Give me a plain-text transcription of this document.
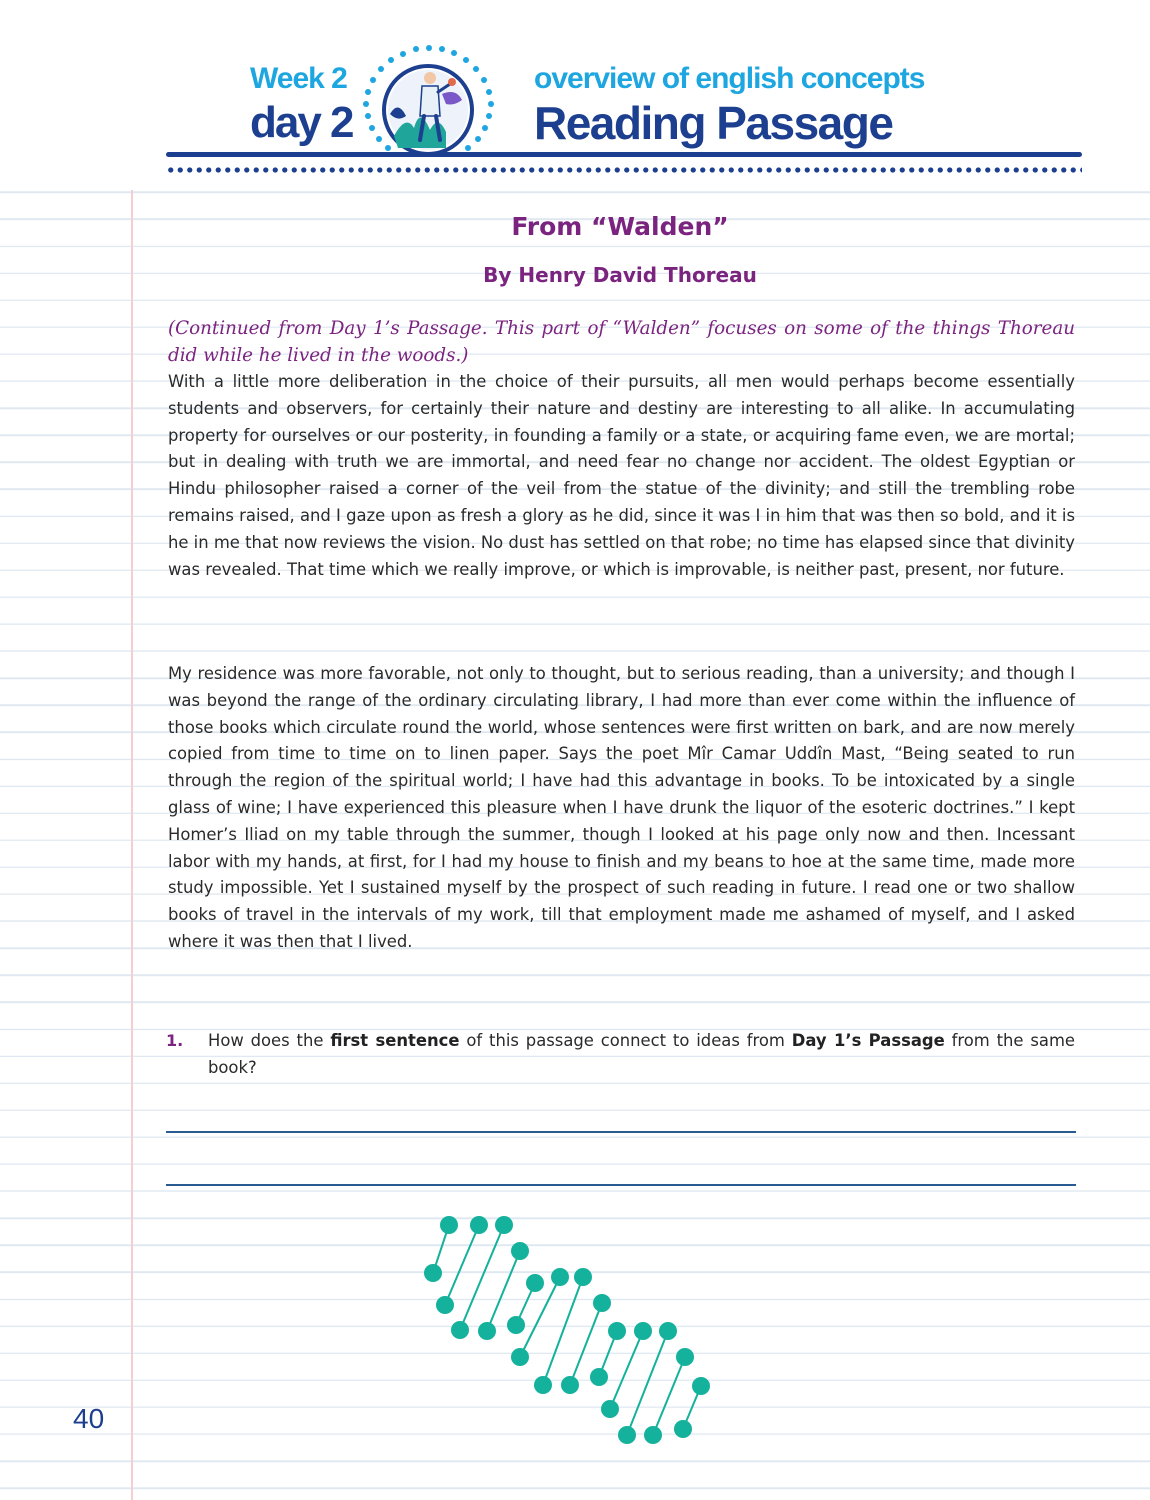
Week 2
day 2
overview of english concepts
Reading Passage
From “Walden”
By Henry David Thoreau

(Continued from Day 1’s Passage. This part of “Walden” focuses on some of the things Thoreau did while he lived in the woods.)

With a little more deliberation in the choice of their pursuits, all men would perhaps become essentially students and observers, for certainly their nature and destiny are interesting to all alike. In accumulating property for ourselves or our posterity, in founding a family or a state, or acquiring fame even, we are mortal; but in dealing with truth we are immortal, and need fear no change nor accident. The oldest Egyptian or Hindu philosopher raised a corner of the veil from the statue of the divinity; and still the trembling robe remains raised, and I gaze upon as fresh a glory as he did, since it was I in him that was then so bold, and it is he in me that now reviews the vision. No dust has settled on that robe; no time has elapsed since that divinity was revealed. That time which we really improve, or which is improvable, is neither past, present, nor future.

My residence was more favorable, not only to thought, but to serious reading, than a university; and though I was beyond the range of the ordinary circulating library, I had more than ever come within the influence of those books which circulate round the world, whose sentences were first written on bark, and are now merely copied from time to time on to linen paper. Says the poet Mîr Camar Uddîn Mast, “Being seated to run through the region of the spiritual world; I have had this advantage in books. To be intoxicated by a single glass of wine; I have experienced this pleasure when I have drunk the liquor of the esoteric doctrines.” I kept Homer’s Iliad on my table through the summer, though I looked at his page only now and then. Incessant labor with my hands, at first, for I had my house to finish and my beans to hoe at the same time, made more study impossible. Yet I sustained myself by the prospect of such reading in future. I read one or two shallow books of travel in the intervals of my work, till that employment made me ashamed of myself, and I asked where it was then that I lived.

1. How does the first sentence of this passage connect to ideas from Day 1’s Passage from the same book?

40
